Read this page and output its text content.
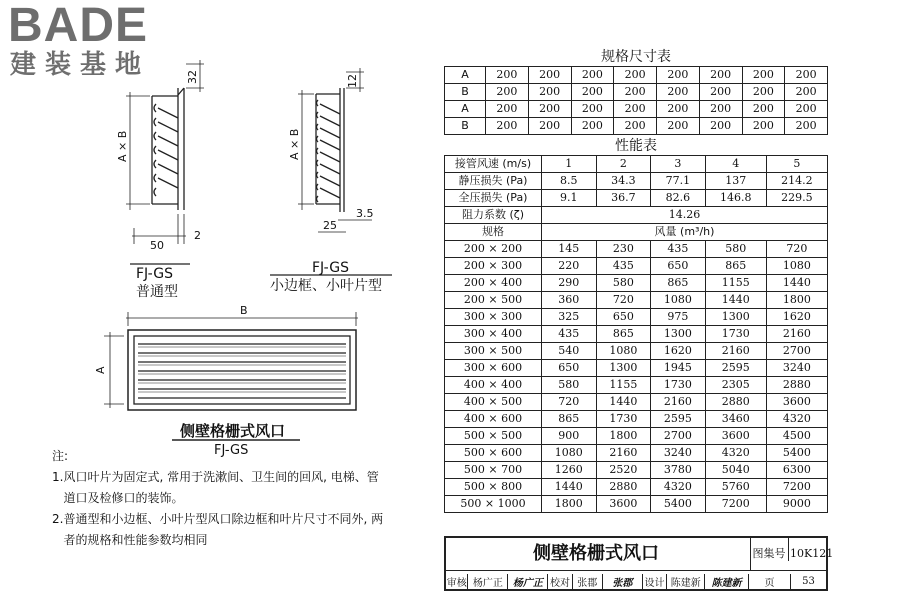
BADE
建装基地
A × B
32
50
2
FJ-GS
普通型
A × B
12
3.5
25
FJ-GS
小边框、小叶片型
B
A
侧壁格栅式风口
FJ-GS
注:
1.风口叶片为固定式, 常用于洗漱间、卫生间的回风, 电梯、管
道口及检修口的装饰。
2.普通型和小边框、小叶片型风口除边框和叶片尺寸不同外, 两
者的规格和性能参数均相同
规格尺寸表
A	200	200	200	200	200	200	200	200
B	200	200	200	200	200	200	200	200
A	200	200	200	200	200	200	200	200
B	200	200	200	200	200	200	200	200
性能表
接管风速 (m/s)	1	2	3	4	5
静压损失 (Pa)	8.5	34.3	77.1	137	214.2
全压损失 (Pa)	9.1	36.7	82.6	146.8	229.5
阻力系数 (ζ)	14.26				
规格	风量 (m³/h)				
200 × 200	145	230	435	580	720
200 × 300	220	435	650	865	1080
200 × 400	290	580	865	1155	1440
200 × 500	360	720	1080	1440	1800
300 × 300	325	650	975	1300	1620
300 × 400	435	865	1300	1730	2160
300 × 500	540	1080	1620	2160	2700
300 × 600	650	1300	1945	2595	3240
400 × 400	580	1155	1730	2305	2880
400 × 500	720	1440	2160	2880	3600
400 × 600	865	1730	2595	3460	4320
500 × 500	900	1800	2700	3600	4500
500 × 600	1080	2160	3240	4320	5400
500 × 700	1260	2520	3780	5040	6300
500 × 800	1440	2880	4320	5760	7200
500 × 1000	1800	3600	5400	7200	9000
侧壁格栅式风口	图集号 10K121
审核 杨广正 杨广正 校对 张郡	张郡	设计 陈建新	陈建新	页	53
